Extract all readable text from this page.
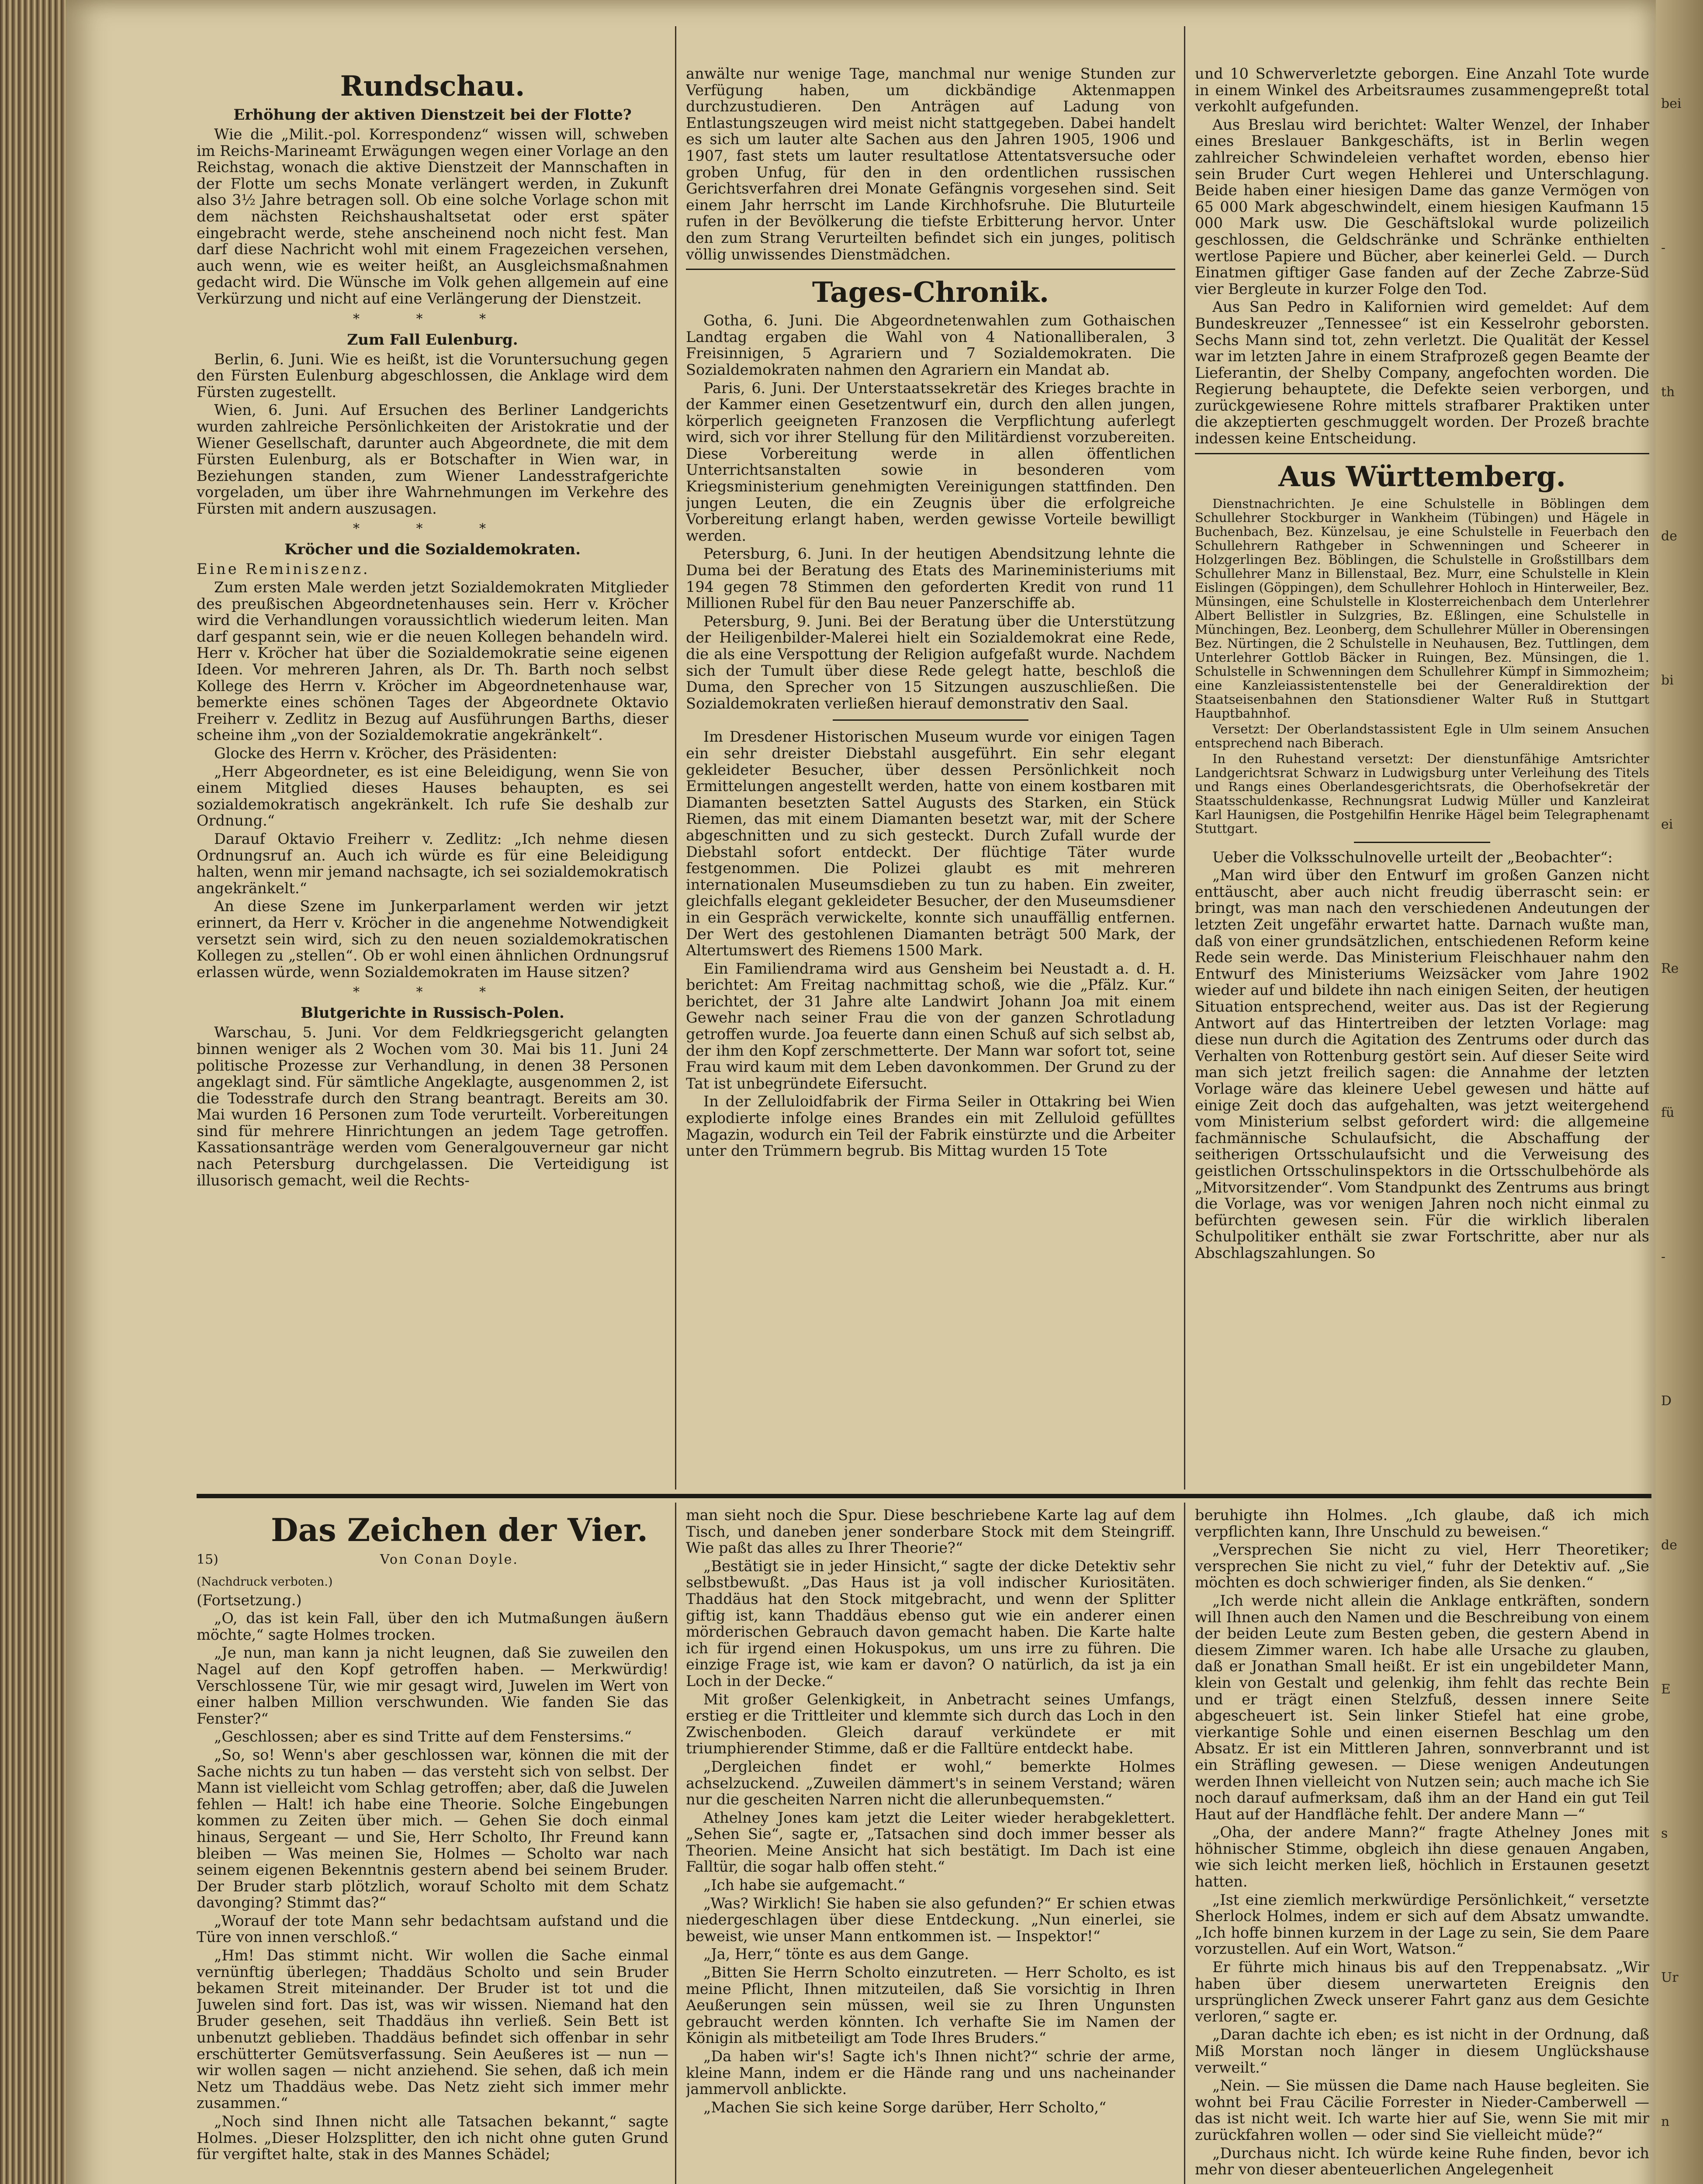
Rundschau.
Erhöhung der aktiven Dienstzeit bei der Flotte?

Wie die „Milit.-pol. Korrespondenz“ wissen will, schweben im Reichs-Marineamt Erwägungen wegen einer Vorlage an den Reichstag, wonach die aktive Dienstzeit der Mannschaften in der Flotte um sechs Monate verlängert werden, in Zukunft also 3½ Jahre betragen soll. Ob eine solche Vorlage schon mit dem nächsten Reichshaushaltsetat oder erst später eingebracht werde, stehe anscheinend noch nicht fest. Man darf diese Nachricht wohl mit einem Fragezeichen versehen, auch wenn, wie es weiter heißt, an Ausgleichsmaßnahmen gedacht wird. Die Wünsche im Volk gehen allgemein auf eine Verkürzung und nicht auf eine Verlängerung der Dienstzeit.

* * *
Zum Fall Eulenburg.

Berlin, 6. Juni. Wie es heißt, ist die Voruntersuchung gegen den Fürsten Eulenburg abgeschlossen, die Anklage wird dem Fürsten zugestellt.

Wien, 6. Juni. Auf Ersuchen des Berliner Landgerichts wurden zahlreiche Persönlichkeiten der Aristokratie und der Wiener Gesellschaft, darunter auch Abgeordnete, die mit dem Fürsten Eulenburg, als er Botschafter in Wien war, in Beziehungen standen, zum Wiener Landesstrafgerichte vorgeladen, um über ihre Wahrnehmungen im Verkehre des Fürsten mit andern auszusagen.

* * *
Kröcher und die Sozialdemokraten.

Eine Reminiszenz.

Zum ersten Male werden jetzt Sozialdemokraten Mitglieder des preußischen Abgeordnetenhauses sein. Herr v. Kröcher wird die Verhandlungen voraussichtlich wiederum leiten. Man darf gespannt sein, wie er die neuen Kollegen behandeln wird. Herr v. Kröcher hat über die Sozialdemokratie seine eigenen Ideen. Vor mehreren Jahren, als Dr. Th. Barth noch selbst Kollege des Herrn v. Kröcher im Abgeordnetenhause war, bemerkte eines schönen Tages der Abgeordnete Oktavio Freiherr v. Zedlitz in Bezug auf Ausführungen Barths, dieser scheine ihm „von der Sozialdemokratie angekränkelt“.

Glocke des Herrn v. Kröcher, des Präsidenten:

„Herr Abgeordneter, es ist eine Beleidigung, wenn Sie von einem Mitglied dieses Hauses behaupten, es sei sozialdemokratisch angekränkelt. Ich rufe Sie deshalb zur Ordnung.“

Darauf Oktavio Freiherr v. Zedlitz: „Ich nehme diesen Ordnungsruf an. Auch ich würde es für eine Beleidigung halten, wenn mir jemand nachsagte, ich sei sozialdemokratisch angekränkelt.“

An diese Szene im Junkerparlament werden wir jetzt erinnert, da Herr v. Kröcher in die angenehme Notwendigkeit versetzt sein wird, sich zu den neuen sozialdemokratischen Kollegen zu „stellen“. Ob er wohl einen ähnlichen Ordnungsruf erlassen würde, wenn Sozialdemokraten im Hause sitzen?

* * *
Blutgerichte in Russisch-Polen.

Warschau, 5. Juni. Vor dem Feldkriegsgericht gelangten binnen weniger als 2 Wochen vom 30. Mai bis 11. Juni 24 politische Prozesse zur Verhandlung, in denen 38 Personen angeklagt sind. Für sämtliche Angeklagte, ausgenommen 2, ist die Todesstrafe durch den Strang beantragt. Bereits am 30. Mai wurden 16 Personen zum Tode verurteilt. Vorbereitungen sind für mehrere Hinrichtungen an jedem Tage getroffen. Kassationsanträge werden vom Generalgouverneur gar nicht nach Petersburg durchgelassen. Die Verteidigung ist illusorisch gemacht, weil die Rechts-

anwälte nur wenige Tage, manchmal nur wenige Stunden zur Verfügung haben, um dickbändige Aktenmappen durchzustudieren. Den Anträgen auf Ladung von Entlastungszeugen wird meist nicht stattgegeben. Dabei handelt es sich um lauter alte Sachen aus den Jahren 1905, 1906 und 1907, fast stets um lauter resultatlose Attentatsversuche oder groben Unfug, für den in den ordentlichen russischen Gerichtsverfahren drei Monate Gefängnis vorgesehen sind. Seit einem Jahr herrscht im Lande Kirchhofsruhe. Die Bluturteile rufen in der Bevölkerung die tiefste Erbitterung hervor. Unter den zum Strang Verurteilten befindet sich ein junges, politisch völlig unwissendes Dienstmädchen.

Tages-Chronik.

Gotha, 6. Juni. Die Abgeordnetenwahlen zum Gothaischen Landtag ergaben die Wahl von 4 Nationalliberalen, 3 Freisinnigen, 5 Agrariern und 7 Sozialdemokraten. Die Sozialdemokraten nahmen den Agrariern ein Mandat ab.

Paris, 6. Juni. Der Unterstaatssekretär des Krieges brachte in der Kammer einen Gesetzentwurf ein, durch den allen jungen, körperlich geeigneten Franzosen die Verpflichtung auferlegt wird, sich vor ihrer Stellung für den Militärdienst vorzubereiten. Diese Vorbereitung werde in allen öffentlichen Unterrichtsanstalten sowie in besonderen vom Kriegsministerium genehmigten Vereinigungen stattfinden. Den jungen Leuten, die ein Zeugnis über die erfolgreiche Vorbereitung erlangt haben, werden gewisse Vorteile bewilligt werden.

Petersburg, 6. Juni. In der heutigen Abendsitzung lehnte die Duma bei der Beratung des Etats des Marineministeriums mit 194 gegen 78 Stimmen den geforderten Kredit von rund 11 Millionen Rubel für den Bau neuer Panzerschiffe ab.

Petersburg, 9. Juni. Bei der Beratung über die Unterstützung der Heiligenbilder-Malerei hielt ein Sozialdemokrat eine Rede, die als eine Verspottung der Religion aufgefaßt wurde. Nachdem sich der Tumult über diese Rede gelegt hatte, beschloß die Duma, den Sprecher von 15 Sitzungen auszuschließen. Die Sozialdemokraten verließen hierauf demonstrativ den Saal.

Im Dresdener Historischen Museum wurde vor einigen Tagen ein sehr dreister Diebstahl ausgeführt. Ein sehr elegant gekleideter Besucher, über dessen Persönlichkeit noch Ermittelungen angestellt werden, hatte von einem kostbaren mit Diamanten besetzten Sattel Augusts des Starken, ein Stück Riemen, das mit einem Diamanten besetzt war, mit der Schere abgeschnitten und zu sich gesteckt. Durch Zufall wurde der Diebstahl sofort entdeckt. Der flüchtige Täter wurde festgenommen. Die Polizei glaubt es mit mehreren internationalen Museumsdieben zu tun zu haben. Ein zweiter, gleichfalls elegant gekleideter Besucher, der den Museumsdiener in ein Gespräch verwickelte, konnte sich unauffällig entfernen. Der Wert des gestohlenen Diamanten beträgt 500 Mark, der Altertumswert des Riemens 1500 Mark.

Ein Familiendrama wird aus Gensheim bei Neustadt a. d. H. berichtet: Am Freitag nachmittag schoß, wie die „Pfälz. Kur.“ berichtet, der 31 Jahre alte Landwirt Johann Joa mit einem Gewehr nach seiner Frau die von der ganzen Schrotladung getroffen wurde. Joa feuerte dann einen Schuß auf sich selbst ab, der ihm den Kopf zerschmetterte. Der Mann war sofort tot, seine Frau wird kaum mit dem Leben davonkommen. Der Grund zu der Tat ist unbegründete Eifersucht.

In der Zelluloidfabrik der Firma Seiler in Ottakring bei Wien explodierte infolge eines Brandes ein mit Zelluloid gefülltes Magazin, wodurch ein Teil der Fabrik einstürzte und die Arbeiter unter den Trümmern begrub. Bis Mittag wurden 15 Tote

und 10 Schwerverletzte geborgen. Eine Anzahl Tote wurde in einem Winkel des Arbeitsraumes zusammengepreßt total verkohlt aufgefunden.

Aus Breslau wird berichtet: Walter Wenzel, der Inhaber eines Breslauer Bankgeschäfts, ist in Berlin wegen zahlreicher Schwindeleien verhaftet worden, ebenso hier sein Bruder Curt wegen Hehlerei und Unterschlagung. Beide haben einer hiesigen Dame das ganze Vermögen von 65 000 Mark abgeschwindelt, einem hiesigen Kaufmann 15 000 Mark usw. Die Geschäftslokal wurde polizeilich geschlossen, die Geldschränke und Schränke enthielten wertlose Papiere und Bücher, aber keinerlei Geld. — Durch Einatmen giftiger Gase fanden auf der Zeche Zabrze-Süd vier Bergleute in kurzer Folge den Tod.

Aus San Pedro in Kalifornien wird gemeldet: Auf dem Bundeskreuzer „Tennessee“ ist ein Kesselrohr geborsten. Sechs Mann sind tot, zehn verletzt. Die Qualität der Kessel war im letzten Jahre in einem Strafprozeß gegen Beamte der Lieferantin, der Shelby Company, angefochten worden. Die Regierung behauptete, die Defekte seien verborgen, und zurückgewiesene Rohre mittels strafbarer Praktiken unter die akzeptierten geschmuggelt worden. Der Prozeß brachte indessen keine Entscheidung.

Aus Württemberg.

Dienstnachrichten. Je eine Schulstelle in Böblingen dem Schullehrer Stockburger in Wankheim (Tübingen) und Hägele in Buchenbach, Bez. Künzelsau, je eine Schulstelle in Feuerbach den Schullehrern Rathgeber in Schwenningen und Scheerer in Holzgerlingen Bez. Böblingen, die Schulstelle in Großstillbars dem Schullehrer Manz in Billenstaal, Bez. Murr, eine Schulstelle in Klein Eislingen (Göppingen), dem Schullehrer Hohloch in Hinterweiler, Bez. Münsingen, eine Schulstelle in Klosterreichenbach dem Unterlehrer Albert Bellistler in Sulzgries, Bz. Eßlingen, eine Schulstelle in Münchingen, Bez. Leonberg, dem Schullehrer Müller in Oberensingen Bez. Nürtingen, die 2 Schulstelle in Neuhausen, Bez. Tuttlingen, dem Unterlehrer Gottlob Bäcker in Ruingen, Bez. Münsingen, die 1. Schulstelle in Schwenningen dem Schullehrer Kümpf in Simmozheim; eine Kanzleiassistentenstelle bei der Generaldirektion der Staatseisenbahnen den Stationsdiener Walter Ruß in Stuttgart Hauptbahnhof.

Versetzt: Der Oberlandstassistent Egle in Ulm seinem Ansuchen entsprechend nach Biberach.

In den Ruhestand versetzt: Der dienstunfähige Amtsrichter Landgerichtsrat Schwarz in Ludwigsburg unter Verleihung des Titels und Rangs eines Oberlandesgerichtsrats, die Oberhofsekretär der Staatsschuldenkasse, Rechnungsrat Ludwig Müller und Kanzleirat Karl Haunigsen, die Postgehilfin Henrike Hägel beim Telegraphenamt Stuttgart.

Ueber die Volksschulnovelle urteilt der „Beobachter“:

„Man wird über den Entwurf im großen Ganzen nicht enttäuscht, aber auch nicht freudig überrascht sein: er bringt, was man nach den verschiedenen Andeutungen der letzten Zeit ungefähr erwartet hatte. Darnach wußte man, daß von einer grundsätzlichen, entschiedenen Reform keine Rede sein werde. Das Ministerium Fleischhauer nahm den Entwurf des Ministeriums Weizsäcker vom Jahre 1902 wieder auf und bildete ihn nach einigen Seiten, der heutigen Situation entsprechend, weiter aus. Das ist der Regierung Antwort auf das Hintertreiben der letzten Vorlage: mag diese nun durch die Agitation des Zentrums oder durch das Verhalten von Rottenburg gestört sein. Auf dieser Seite wird man sich jetzt freilich sagen: die Annahme der letzten Vorlage wäre das kleinere Uebel gewesen und hätte auf einige Zeit doch das aufgehalten, was jetzt weitergehend vom Ministerium selbst gefordert wird: die allgemeine fachmännische Schulaufsicht, die Abschaffung der seitherigen Ortsschulaufsicht und die Verweisung des geistlichen Ortsschulinspektors in die Ortsschulbehörde als „Mitvorsitzender“. Vom Standpunkt des Zentrums aus bringt die Vorlage, was vor wenigen Jahren noch nicht einmal zu befürchten gewesen sein. Für die wirklich liberalen Schulpolitiker enthält sie zwar Fortschritte, aber nur als Abschlagszahlungen. So

Das Zeichen der Vier.
15)	Von Conan Doyle.

(Nachdruck verboten.)

(Fortsetzung.)

„O, das ist kein Fall, über den ich Mutmaßungen äußern möchte,“ sagte Holmes trocken.

„Je nun, man kann ja nicht leugnen, daß Sie zuweilen den Nagel auf den Kopf getroffen haben. — Merkwürdig! Verschlossene Tür, wie mir gesagt wird, Juwelen im Wert von einer halben Million verschwunden. Wie fanden Sie das Fenster?“

„Geschlossen; aber es sind Tritte auf dem Fenstersims.“

„So, so! Wenn's aber geschlossen war, können die mit der Sache nichts zu tun haben — das versteht sich von selbst. Der Mann ist vielleicht vom Schlag getroffen; aber, daß die Juwelen fehlen — Halt! ich habe eine Theorie. Solche Eingebungen kommen zu Zeiten über mich. — Gehen Sie doch einmal hinaus, Sergeant — und Sie, Herr Scholto, Ihr Freund kann bleiben — Was meinen Sie, Holmes — Scholto war nach seinem eigenen Bekenntnis gestern abend bei seinem Bruder. Der Bruder starb plötzlich, worauf Scholto mit dem Schatz davonging? Stimmt das?“

„Worauf der tote Mann sehr bedachtsam aufstand und die Türe von innen verschloß.“

„Hm! Das stimmt nicht. Wir wollen die Sache einmal vernünftig überlegen; Thaddäus Scholto und sein Bruder bekamen Streit miteinander. Der Bruder ist tot und die Juwelen sind fort. Das ist, was wir wissen. Niemand hat den Bruder gesehen, seit Thaddäus ihn verließ. Sein Bett ist unbenutzt geblieben. Thaddäus befindet sich offenbar in sehr erschütterter Gemütsverfassung. Sein Aeußeres ist — nun — wir wollen sagen — nicht anziehend. Sie sehen, daß ich mein Netz um Thaddäus webe. Das Netz zieht sich immer mehr zusammen.“

„Noch sind Ihnen nicht alle Tatsachen bekannt,“ sagte Holmes. „Dieser Holzsplitter, den ich nicht ohne guten Grund für vergiftet halte, stak in des Mannes Schädel;

man sieht noch die Spur. Diese beschriebene Karte lag auf dem Tisch, und daneben jener sonderbare Stock mit dem Steingriff. Wie paßt das alles zu Ihrer Theorie?“

„Bestätigt sie in jeder Hinsicht,“ sagte der dicke Detektiv sehr selbstbewußt. „Das Haus ist ja voll indischer Kuriositäten. Thaddäus hat den Stock mitgebracht, und wenn der Splitter giftig ist, kann Thaddäus ebenso gut wie ein anderer einen mörderischen Gebrauch davon gemacht haben. Die Karte halte ich für irgend einen Hokuspokus, um uns irre zu führen. Die einzige Frage ist, wie kam er davon? O natürlich, da ist ja ein Loch in der Decke.“

Mit großer Gelenkigkeit, in Anbetracht seines Umfangs, erstieg er die Trittleiter und klemmte sich durch das Loch in den Zwischenboden. Gleich darauf verkündete er mit triumphierender Stimme, daß er die Falltüre entdeckt habe.

„Dergleichen findet er wohl,“ bemerkte Holmes achselzuckend. „Zuweilen dämmert's in seinem Verstand; wären nur die gescheiten Narren nicht die allerunbequemsten.“

Athelney Jones kam jetzt die Leiter wieder herabgeklettert. „Sehen Sie“, sagte er, „Tatsachen sind doch immer besser als Theorien. Meine Ansicht hat sich bestätigt. Im Dach ist eine Falltür, die sogar halb offen steht.“

„Ich habe sie aufgemacht.“

„Was? Wirklich! Sie haben sie also gefunden?“ Er schien etwas niedergeschlagen über diese Entdeckung. „Nun einerlei, sie beweist, wie unser Mann entkommen ist. — Inspektor!“

„Ja, Herr,“ tönte es aus dem Gange.

„Bitten Sie Herrn Scholto einzutreten. — Herr Scholto, es ist meine Pflicht, Ihnen mitzuteilen, daß Sie vorsichtig in Ihren Aeußerungen sein müssen, weil sie zu Ihren Ungunsten gebraucht werden könnten. Ich verhafte Sie im Namen der Königin als mitbeteiligt am Tode Ihres Bruders.“

„Da haben wir's! Sagte ich's Ihnen nicht?“ schrie der arme, kleine Mann, indem er die Hände rang und uns nacheinander jammervoll anblickte.

„Machen Sie sich keine Sorge darüber, Herr Scholto,“

beruhigte ihn Holmes. „Ich glaube, daß ich mich verpflichten kann, Ihre Unschuld zu beweisen.“

„Versprechen Sie nicht zu viel, Herr Theoretiker; versprechen Sie nicht zu viel,“ fuhr der Detektiv auf. „Sie möchten es doch schwieriger finden, als Sie denken.“

„Ich werde nicht allein die Anklage entkräften, sondern will Ihnen auch den Namen und die Beschreibung von einem der beiden Leute zum Besten geben, die gestern Abend in diesem Zimmer waren. Ich habe alle Ursache zu glauben, daß er Jonathan Small heißt. Er ist ein ungebildeter Mann, klein von Gestalt und gelenkig, ihm fehlt das rechte Bein und er trägt einen Stelzfuß, dessen innere Seite abgescheuert ist. Sein linker Stiefel hat eine grobe, vierkantige Sohle und einen eisernen Beschlag um den Absatz. Er ist ein Mittleren Jahren, sonnverbrannt und ist ein Sträfling gewesen. — Diese wenigen Andeutungen werden Ihnen vielleicht von Nutzen sein; auch mache ich Sie noch darauf aufmerksam, daß ihm an der Hand ein gut Teil Haut auf der Handfläche fehlt. Der andere Mann —“

„Oha, der andere Mann?“ fragte Athelney Jones mit höhnischer Stimme, obgleich ihn diese genauen Angaben, wie sich leicht merken ließ, höchlich in Erstaunen gesetzt hatten.

„Ist eine ziemlich merkwürdige Persönlichkeit,“ versetzte Sherlock Holmes, indem er sich auf dem Absatz umwandte. „Ich hoffe binnen kurzem in der Lage zu sein, Sie dem Paare vorzustellen. Auf ein Wort, Watson.“

Er führte mich hinaus bis auf den Treppenabsatz. „Wir haben über diesem unerwarteten Ereignis den ursprünglichen Zweck unserer Fahrt ganz aus dem Gesichte verloren,“ sagte er.

„Daran dachte ich eben; es ist nicht in der Ordnung, daß Miß Morstan noch länger in diesem Unglückshause verweilt.“

„Nein. — Sie müssen die Dame nach Hause begleiten. Sie wohnt bei Frau Cäcilie Forrester in Nieder-Camberwell — das ist nicht weit. Ich warte hier auf Sie, wenn Sie mit mir zurückfahren wollen — oder sind Sie vielleicht müde?“

„Durchaus nicht. Ich würde keine Ruhe finden, bevor ich mehr von dieser abenteuerlichen Angelegenheit

bei
-
th
de
bi
ei
Re
fü
-
D
de
E
s
Ur
n
